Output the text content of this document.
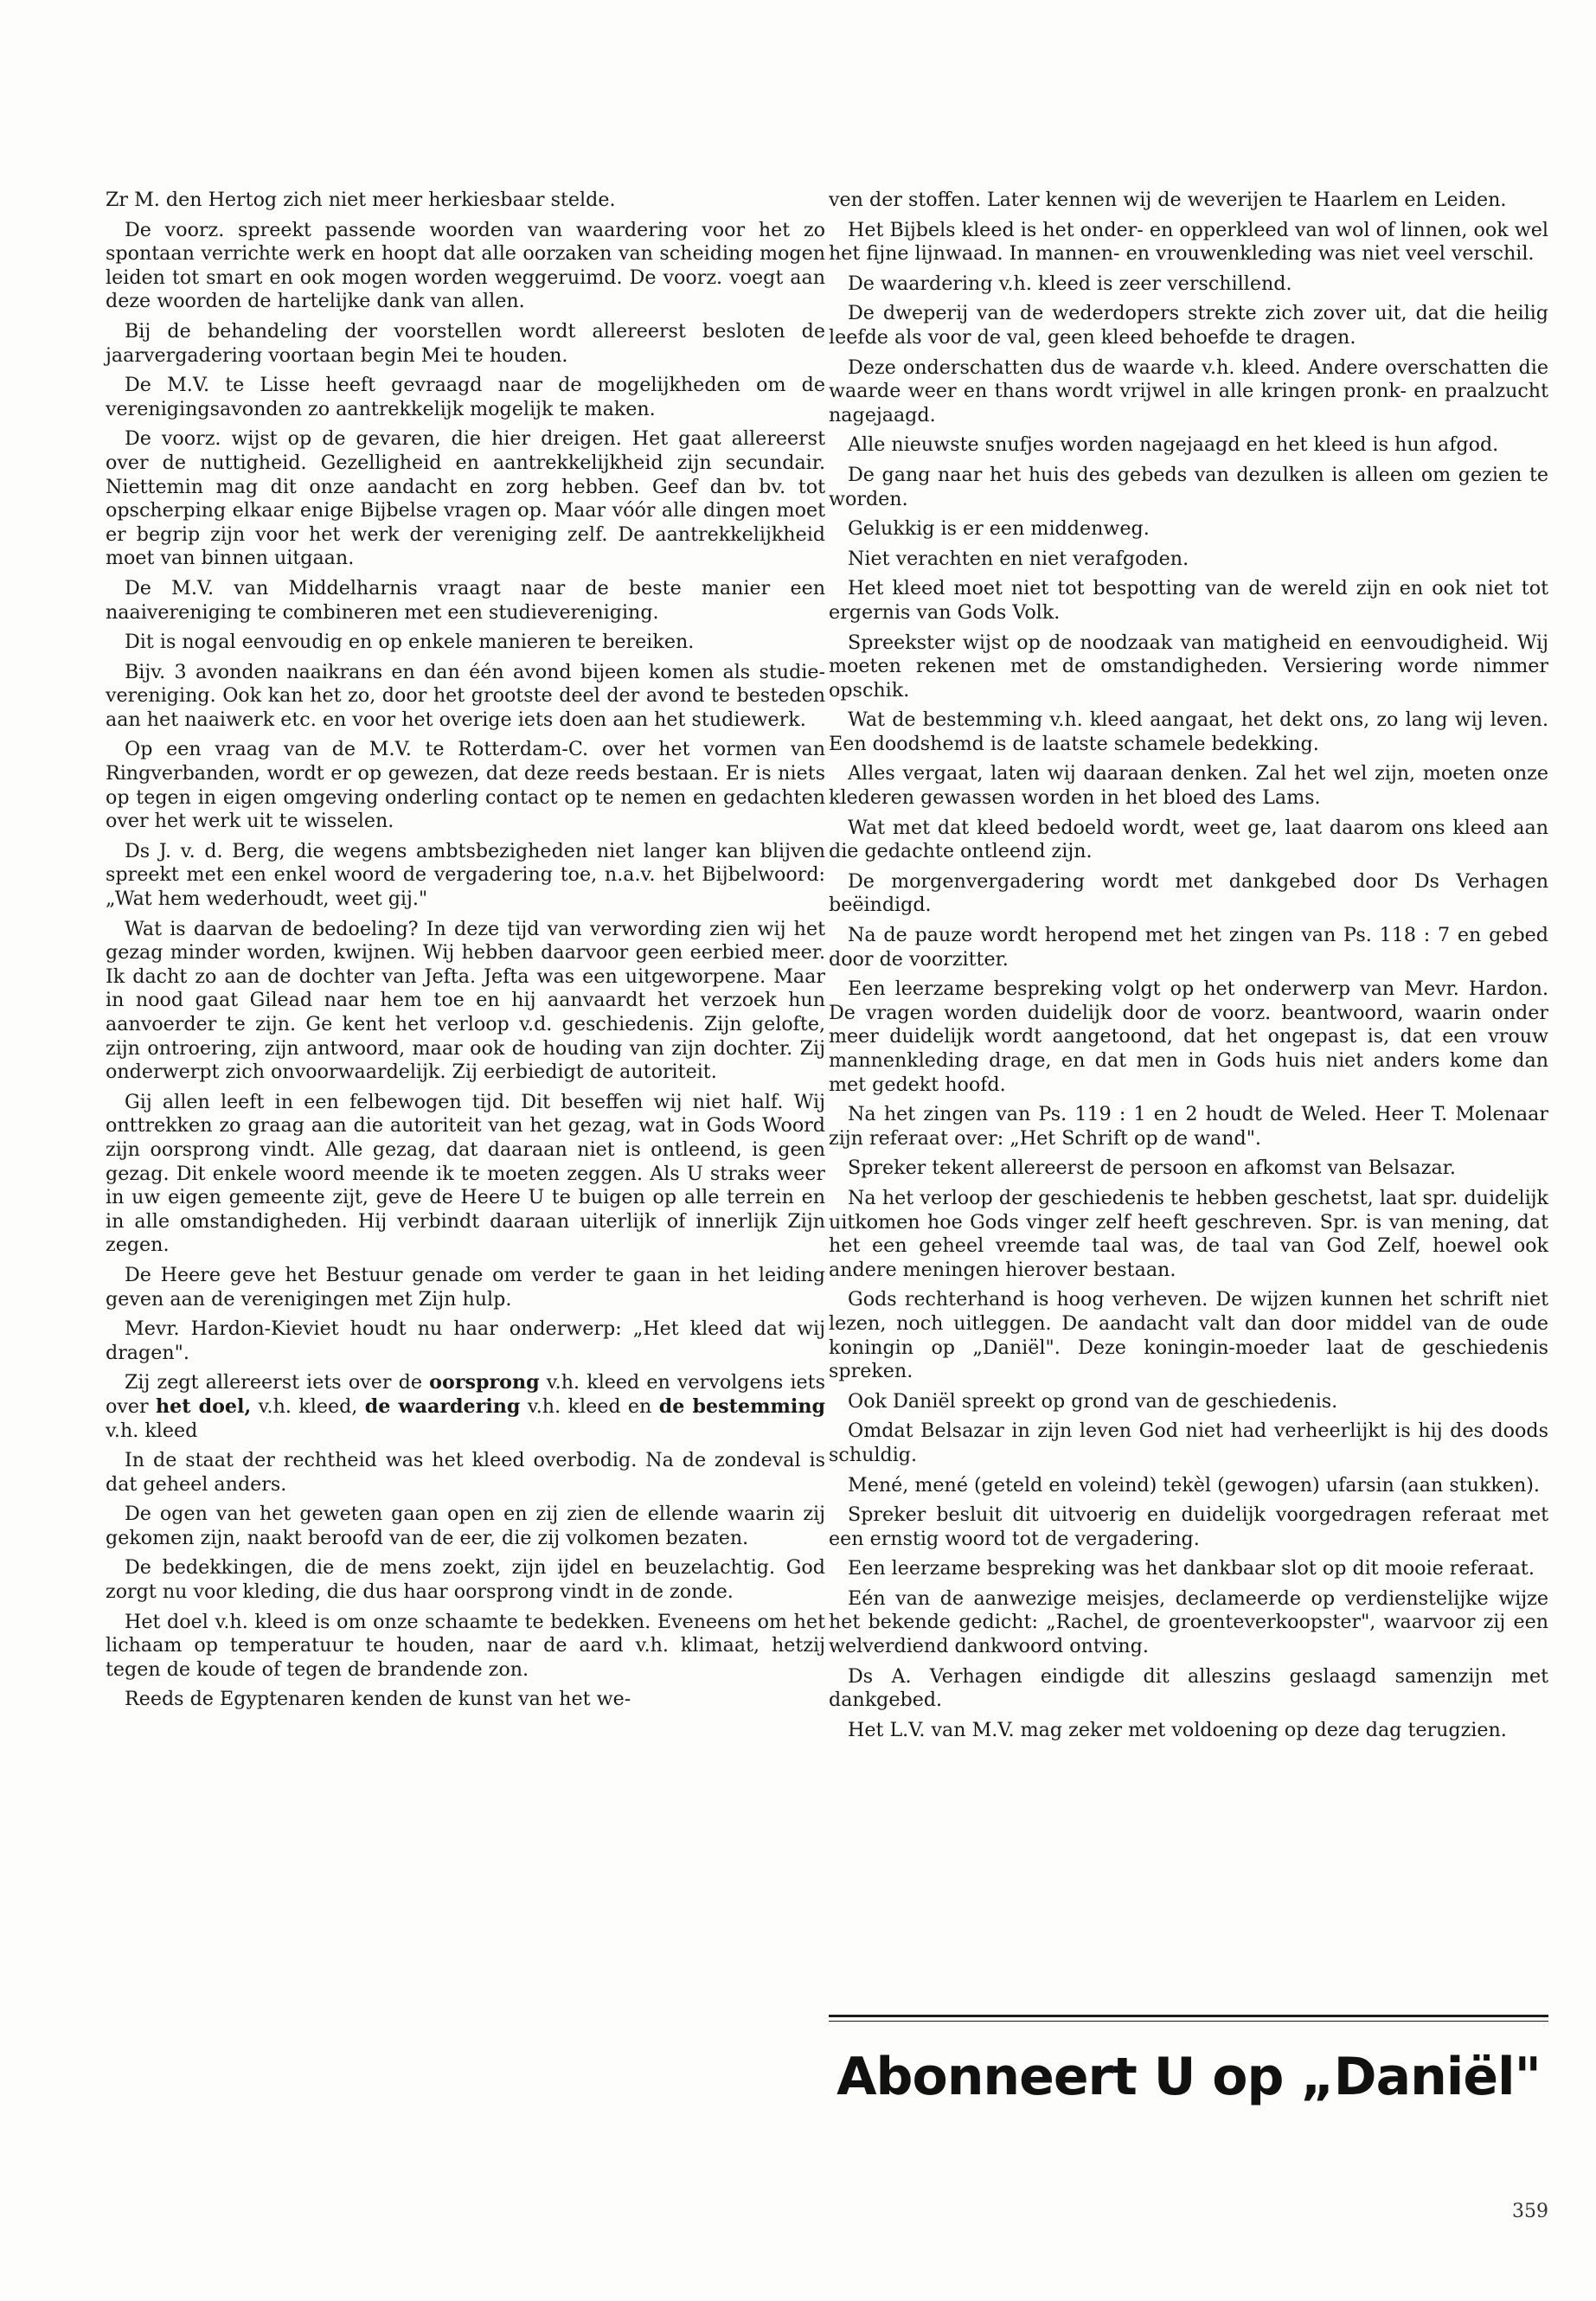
Zr M. den Hertog zich niet meer herkiesbaar stelde.

De voorz. spreekt passende woorden van waardering voor het zo spontaan verrichte werk en hoopt dat alle oorzaken van scheiding mogen leiden tot smart en ook mogen worden weggeruimd. De voorz. voegt aan deze woorden de hartelijke dank van allen.

Bij de behandeling der voorstellen wordt allereerst besloten de jaarvergadering voortaan begin Mei te houden.

De M.V. te Lisse heeft gevraagd naar de mogelijkheden om de verenigingsavonden zo aantrekkelijk mogelijk te maken.

De voorz. wijst op de gevaren, die hier dreigen. Het gaat allereerst over de nuttigheid. Gezelligheid en aantrekkelijkheid zijn secundair. Niettemin mag dit onze aandacht en zorg hebben. Geef dan bv. tot opscherping elkaar enige Bijbelse vragen op. Maar vóór alle dingen moet er begrip zijn voor het werk der vereniging zelf. De aantrekkelijkheid moet van binnen uitgaan.

De M.V. van Middelharnis vraagt naar de beste manier een naaivereniging te combineren met een studievereniging.

Dit is nogal eenvoudig en op enkele manieren te bereiken.

Bijv. 3 avonden naaikrans en dan één avond bijeen komen als studie-vereniging. Ook kan het zo, door het grootste deel der avond te besteden aan het naaiwerk etc. en voor het overige iets doen aan het studiewerk.

Op een vraag van de M.V. te Rotterdam-C. over het vormen van Ringverbanden, wordt er op gewezen, dat deze reeds bestaan. Er is niets op tegen in eigen omgeving onderling contact op te nemen en gedachten over het werk uit te wisselen.

Ds J. v. d. Berg, die wegens ambtsbezigheden niet langer kan blijven spreekt met een enkel woord de vergadering toe, n.a.v. het Bijbelwoord: „Wat hem wederhoudt, weet gij."

Wat is daarvan de bedoeling? In deze tijd van verwording zien wij het gezag minder worden, kwijnen. Wij hebben daarvoor geen eerbied meer. Ik dacht zo aan de dochter van Jefta. Jefta was een uitgeworpene. Maar in nood gaat Gilead naar hem toe en hij aanvaardt het verzoek hun aanvoerder te zijn. Ge kent het verloop v.d. geschiedenis. Zijn gelofte, zijn ontroering, zijn antwoord, maar ook de houding van zijn dochter. Zij onderwerpt zich onvoorwaardelijk. Zij eerbiedigt de autoriteit.

Gij allen leeft in een felbewogen tijd. Dit beseffen wij niet half. Wij onttrekken zo graag aan die autoriteit van het gezag, wat in Gods Woord zijn oorsprong vindt. Alle gezag, dat daaraan niet is ontleend, is geen gezag. Dit enkele woord meende ik te moeten zeggen. Als U straks weer in uw eigen gemeente zijt, geve de Heere U te buigen op alle terrein en in alle omstandigheden. Hij verbindt daaraan uiterlijk of innerlijk Zijn zegen.

De Heere geve het Bestuur genade om verder te gaan in het leiding geven aan de verenigingen met Zijn hulp.

Mevr. Hardon-Kieviet houdt nu haar onderwerp: „Het kleed dat wij dragen".

Zij zegt allereerst iets over de oorsprong v.h. kleed en vervolgens iets over het doel, v.h. kleed, de waardering v.h. kleed en de bestemming v.h. kleed

In de staat der rechtheid was het kleed overbodig. Na de zondeval is dat geheel anders.

De ogen van het geweten gaan open en zij zien de ellende waarin zij gekomen zijn, naakt beroofd van de eer, die zij volkomen bezaten.

De bedekkingen, die de mens zoekt, zijn ijdel en beuzelachtig. God zorgt nu voor kleding, die dus haar oorsprong vindt in de zonde.

Het doel v.h. kleed is om onze schaamte te bedekken. Eveneens om het lichaam op temperatuur te houden, naar de aard v.h. klimaat, hetzij tegen de koude of tegen de brandende zon.

Reeds de Egyptenaren kenden de kunst van het we-

ven der stoffen. Later kennen wij de weverijen te Haarlem en Leiden.

Het Bijbels kleed is het onder- en opperkleed van wol of linnen, ook wel het fijne lijnwaad. In mannen- en vrouwenkleding was niet veel verschil.

De waardering v.h. kleed is zeer verschillend.

De dweperij van de wederdopers strekte zich zover uit, dat die heilig leefde als voor de val, geen kleed behoefde te dragen.

Deze onderschatten dus de waarde v.h. kleed. Andere overschatten die waarde weer en thans wordt vrijwel in alle kringen pronk- en praalzucht nagejaagd.

Alle nieuwste snufjes worden nagejaagd en het kleed is hun afgod.

De gang naar het huis des gebeds van dezulken is alleen om gezien te worden.

Gelukkig is er een middenweg.

Niet verachten en niet verafgoden.

Het kleed moet niet tot bespotting van de wereld zijn en ook niet tot ergernis van Gods Volk.

Spreekster wijst op de noodzaak van matigheid en eenvoudigheid. Wij moeten rekenen met de omstandigheden. Versiering worde nimmer opschik.

Wat de bestemming v.h. kleed aangaat, het dekt ons, zo lang wij leven. Een doodshemd is de laatste schamele bedekking.

Alles vergaat, laten wij daaraan denken. Zal het wel zijn, moeten onze klederen gewassen worden in het bloed des Lams.

Wat met dat kleed bedoeld wordt, weet ge, laat daarom ons kleed aan die gedachte ontleend zijn.

De morgenvergadering wordt met dankgebed door Ds Verhagen beëindigd.

Na de pauze wordt heropend met het zingen van Ps. 118 : 7 en gebed door de voorzitter.

Een leerzame bespreking volgt op het onderwerp van Mevr. Hardon. De vragen worden duidelijk door de voorz. beantwoord, waarin onder meer duidelijk wordt aangetoond, dat het ongepast is, dat een vrouw mannenkleding drage, en dat men in Gods huis niet anders kome dan met gedekt hoofd.

Na het zingen van Ps. 119 : 1 en 2 houdt de Weled. Heer T. Molenaar zijn referaat over: „Het Schrift op de wand".

Spreker tekent allereerst de persoon en afkomst van Belsazar.

Na het verloop der geschiedenis te hebben geschetst, laat spr. duidelijk uitkomen hoe Gods vinger zelf heeft geschreven. Spr. is van mening, dat het een geheel vreemde taal was, de taal van God Zelf, hoewel ook andere meningen hierover bestaan.

Gods rechterhand is hoog verheven. De wijzen kunnen het schrift niet lezen, noch uitleggen. De aandacht valt dan door middel van de oude koningin op „Daniël". Deze koningin-moeder laat de geschiedenis spreken.

Ook Daniël spreekt op grond van de geschiedenis.

Omdat Belsazar in zijn leven God niet had verheerlijkt is hij des doods schuldig.

Mené, mené (geteld en voleind) tekèl (gewogen) ufarsin (aan stukken).

Spreker besluit dit uitvoerig en duidelijk voorgedragen referaat met een ernstig woord tot de vergadering.

Een leerzame bespreking was het dankbaar slot op dit mooie referaat.

Eén van de aanwezige meisjes, declameerde op verdienstelijke wijze het bekende gedicht: „Rachel, de groenteverkoopster", waarvoor zij een welverdiend dankwoord ontving.

Ds A. Verhagen eindigde dit alleszins geslaagd samenzijn met dankgebed.

Het L.V. van M.V. mag zeker met voldoening op deze dag terugzien.

Abonneert U op „Daniël"
359
